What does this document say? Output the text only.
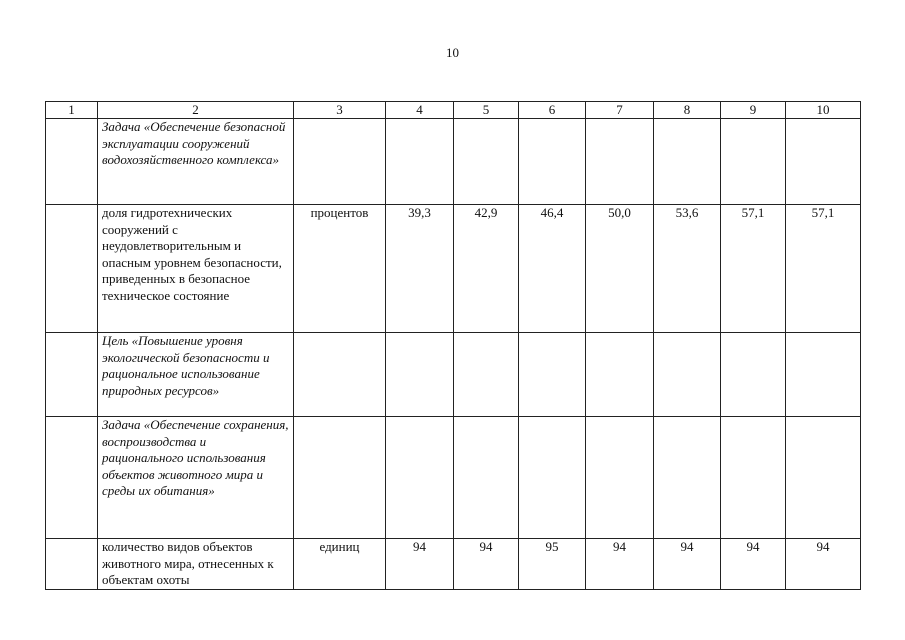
10
1	2	3	4	5	6	7	8	9	10
	Задача «Обеспечение безопасной эксплуатации сооружений водохозяйственного комплекса»								
	доля гидротехнических сооружений с неудовлетворительным и опасным уровнем безопасности, приведенных в безопасное техническое состояние	процентов	39,3	42,9	46,4	50,0	53,6	57,1	57,1
	Цель «Повышение уровня экологической безопасности и рациональное использование природных ресурсов»								
	Задача «Обеспечение сохранения, воспроизводства и рационального использования объектов животного мира и среды их обитания»								
	количество видов объектов животного мира, отнесенных к объектам охоты	единиц	94	94	95	94	94	94	94
